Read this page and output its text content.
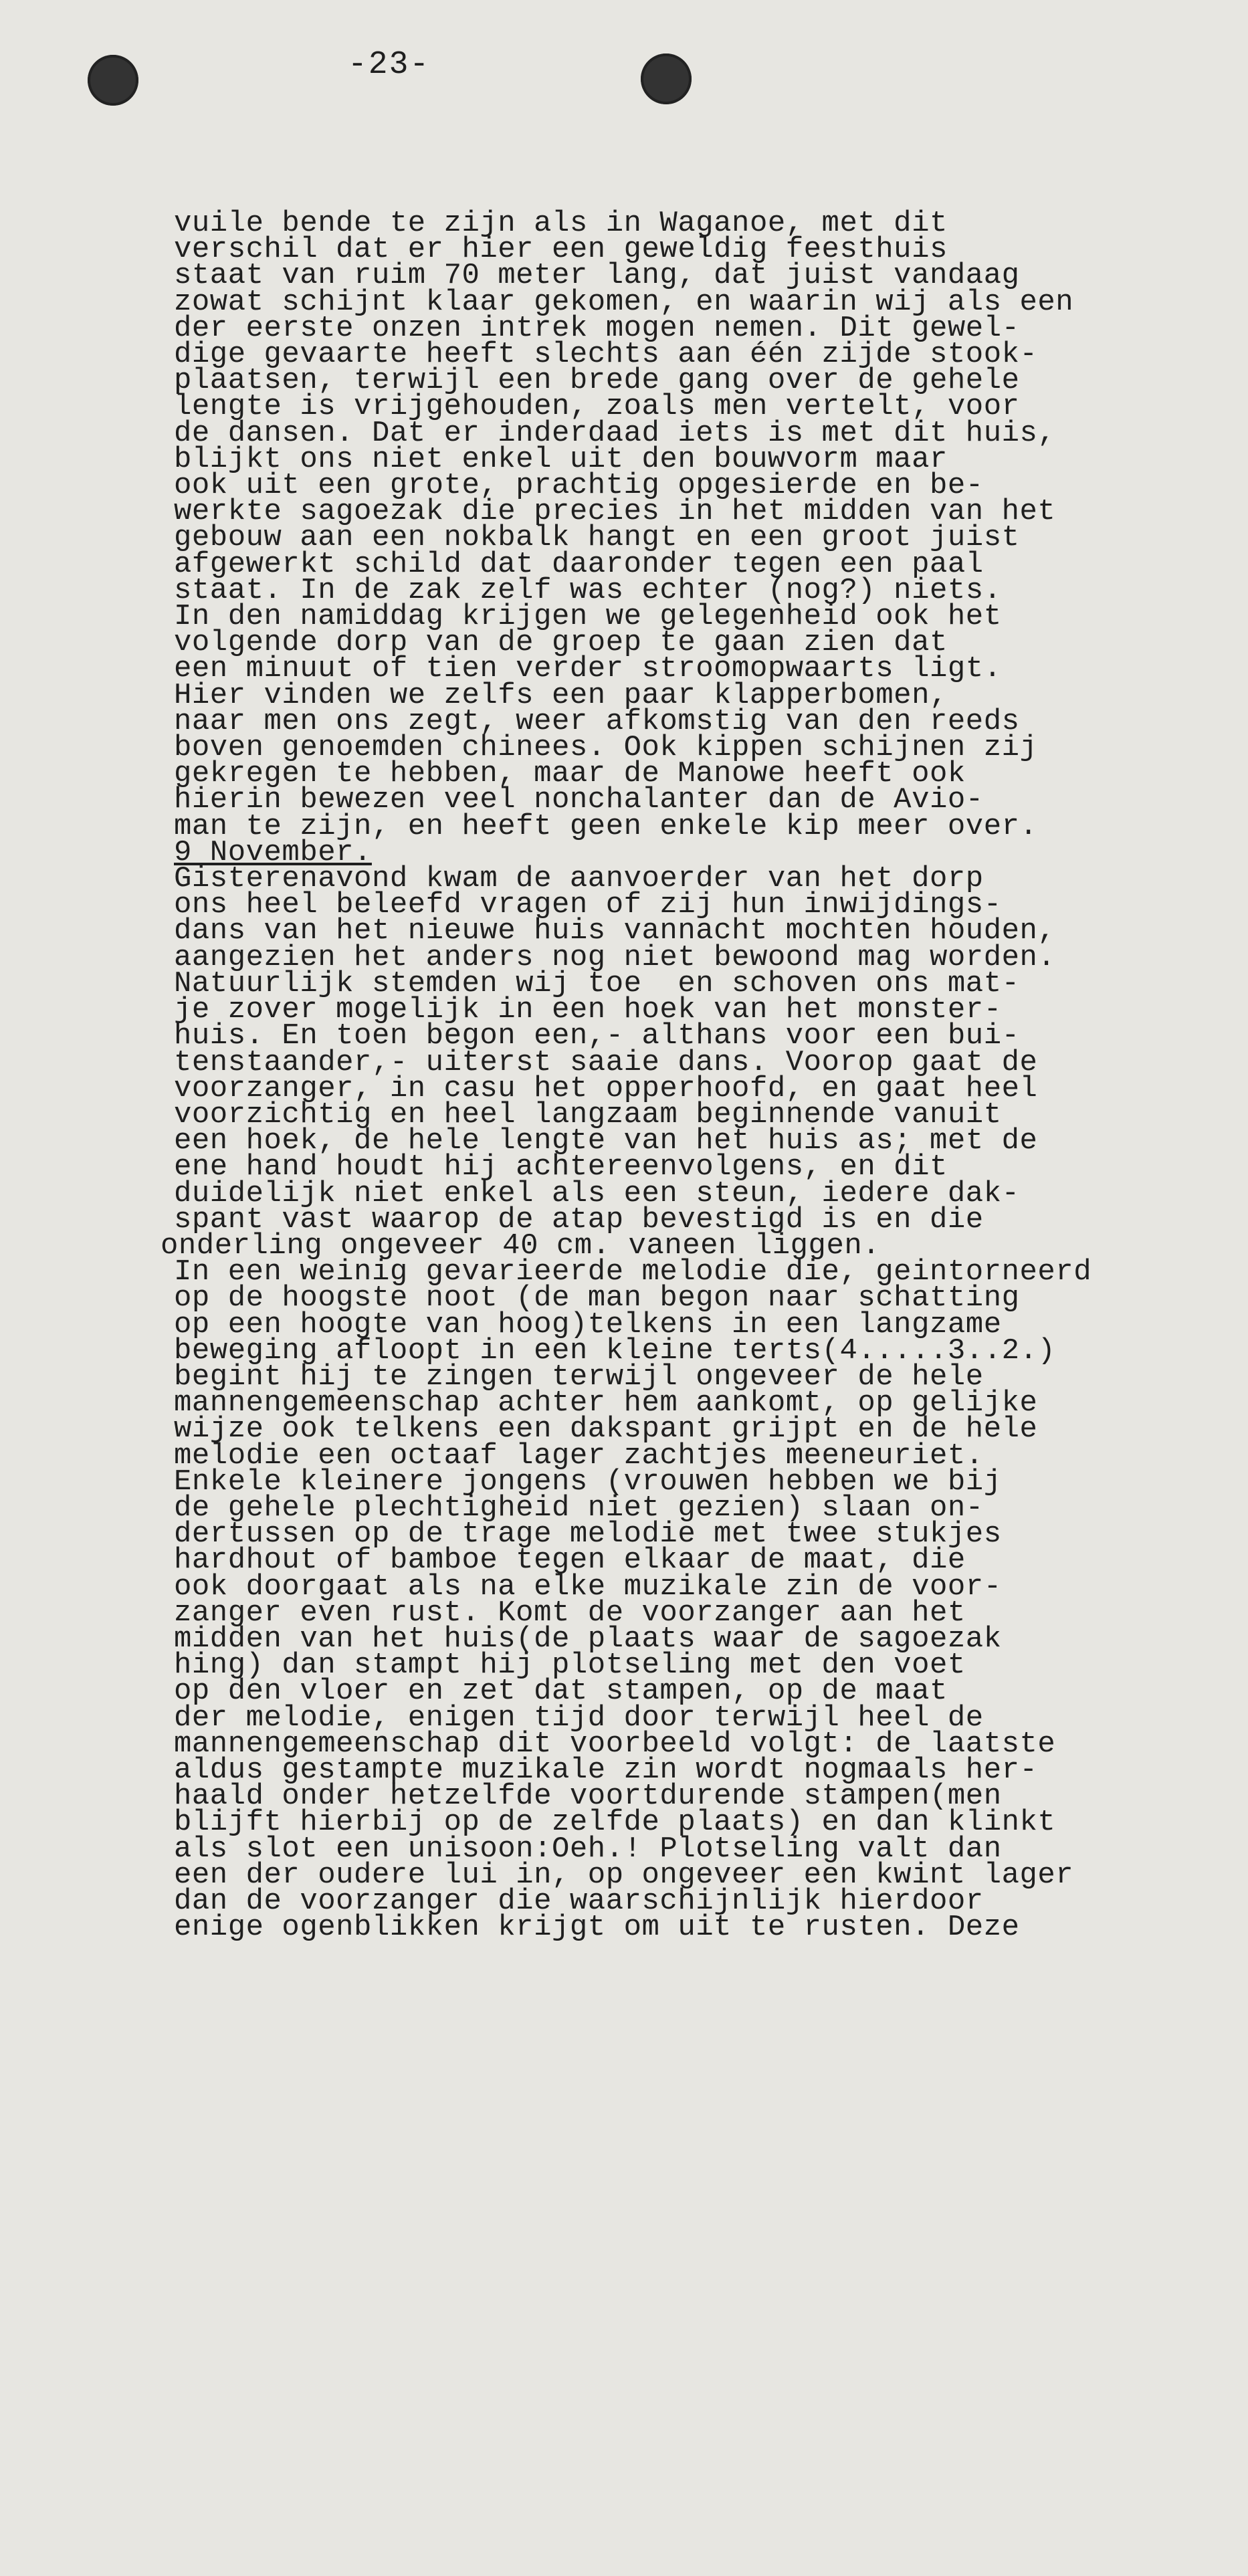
-23-
vuile bende te zijn als in Waganoe, met dit
verschil dat er hier een geweldig feesthuis
staat van ruim 70 meter lang, dat juist vandaag
zowat schijnt klaar gekomen, en waarin wij als een
der eerste onzen intrek mogen nemen. Dit gewel-
dige gevaarte heeft slechts aan één zijde stook-
plaatsen, terwijl een brede gang over de gehele
lengte is vrijgehouden, zoals men vertelt, voor
de dansen. Dat er inderdaad iets is met dit huis,
blijkt ons niet enkel uit den bouwvorm maar
ook uit een grote, prachtig opgesierde en be-
werkte sagoezak die precies in het midden van het
gebouw aan een nokbalk hangt en een groot juist
afgewerkt schild dat daaronder tegen een paal
staat. In de zak zelf was echter (nog?) niets.
In den namiddag krijgen we gelegenheid ook het
volgende dorp van de groep te gaan zien dat
een minuut of tien verder stroomopwaarts ligt.
Hier vinden we zelfs een paar klapperbomen,
naar men ons zegt, weer afkomstig van den reeds
boven genoemden chinees. Ook kippen schijnen zij
gekregen te hebben, maar de Manowe heeft ook
hierin bewezen veel nonchalanter dan de Avio-
man te zijn, en heeft geen enkele kip meer over.
9 November.
Gisterenavond kwam de aanvoerder van het dorp
ons heel beleefd vragen of zij hun inwijdings-
dans van het nieuwe huis vannacht mochten houden,
aangezien het anders nog niet bewoond mag worden.
Natuurlijk stemden wij toe  en schoven ons mat-
je zover mogelijk in een hoek van het monster-
huis. En toen begon een,- althans voor een bui-
tenstaander,- uiterst saaie dans. Voorop gaat de
voorzanger, in casu het opperhoofd, en gaat heel
voorzichtig en heel langzaam beginnende vanuit
een hoek, de hele lengte van het huis as; met de
ene hand houdt hij achtereenvolgens, en dit
duidelijk niet enkel als een steun, iedere dak-
spant vast waarop de atap bevestigd is en die
onderling ongeveer 40 cm. vaneen liggen.
In een weinig gevarieerde melodie die, geintorneerd
op de hoogste noot (de man begon naar schatting
op een hoogte van hoog)telkens in een langzame
beweging afloopt in een kleine terts(4.....3..2.)
begint hij te zingen terwijl ongeveer de hele
mannengemeenschap achter hem aankomt, op gelijke
wijze ook telkens een dakspant grijpt en de hele
melodie een octaaf lager zachtjes meeneuriet.
Enkele kleinere jongens (vrouwen hebben we bij
de gehele plechtigheid niet gezien) slaan on-
dertussen op de trage melodie met twee stukjes
hardhout of bamboe tegen elkaar de maat, die
ook doorgaat als na elke muzikale zin de voor-
zanger even rust. Komt de voorzanger aan het
midden van het huis(de plaats waar de sagoezak
hing) dan stampt hij plotseling met den voet
op den vloer en zet dat stampen, op de maat
der melodie, enigen tijd door terwijl heel de
mannengemeenschap dit voorbeeld volgt: de laatste
aldus gestampte muzikale zin wordt nogmaals her-
haald onder hetzelfde voortdurende stampen(men
blijft hierbij op de zelfde plaats) en dan klinkt
als slot een unisoon:Oeh.! Plotseling valt dan
een der oudere lui in, op ongeveer een kwint lager
dan de voorzanger die waarschijnlijk hierdoor
enige ogenblikken krijgt om uit te rusten. Deze
